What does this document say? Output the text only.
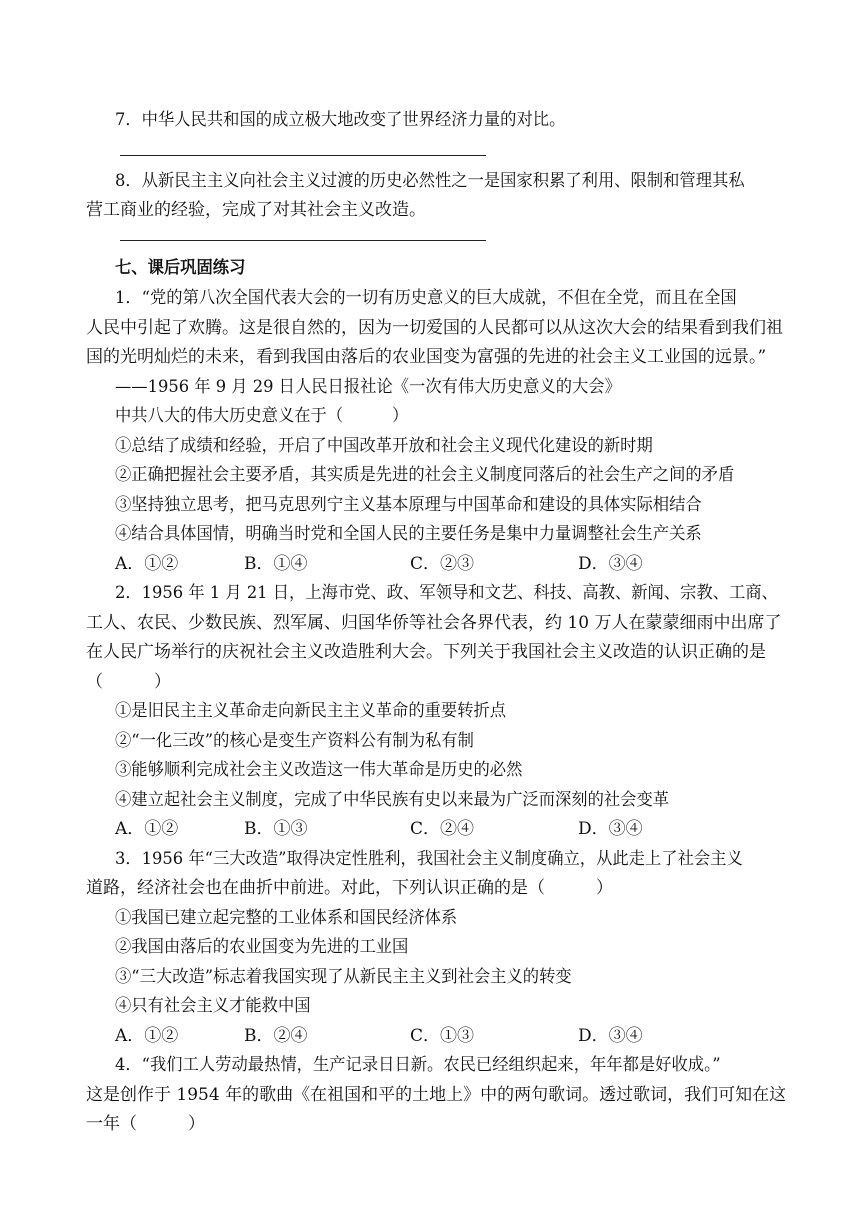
7．中华人民共和国的成立极大地改变了世界经济力量的对比。
8．从新民主主义向社会主义过渡的历史必然性之一是国家积累了利用、限制和管理其私
营工商业的经验，完成了对其社会主义改造。
七、课后巩固练习
1．“党的第八次全国代表大会的一切有历史意义的巨大成就，不但在全党，而且在全国
人民中引起了欢腾。这是很自然的，因为一切爱国的人民都可以从这次大会的结果看到我们祖
国的光明灿烂的未来，看到我国由落后的农业国变为富强的先进的社会主义工业国的远景。”
——1956 年 9 月 29 日人民日报社论《一次有伟大历史意义的大会》
中共八大的伟大历史意义在于（　　　）
①总结了成绩和经验，开启了中国改革开放和社会主义现代化建设的新时期
②正确把握社会主要矛盾，其实质是先进的社会主义制度同落后的社会生产之间的矛盾
③坚持独立思考，把马克思列宁主义基本原理与中国革命和建设的具体实际相结合
④结合具体国情，明确当时党和全国人民的主要任务是集中力量调整社会生产关系
A．①②	B．①④	C．②③	D．③④
2．1956 年 1 月 21 日，上海市党、政、军领导和文艺、科技、高教、新闻、宗教、工商、
工人、农民、少数民族、烈军属、归国华侨等社会各界代表，约 10 万人在蒙蒙细雨中出席了
在人民广场举行的庆祝社会主义改造胜利大会。下列关于我国社会主义改造的认识正确的是
（　　　）
①是旧民主主义革命走向新民主主义革命的重要转折点
②“一化三改”的核心是变生产资料公有制为私有制
③能够顺利完成社会主义改造这一伟大革命是历史的必然
④建立起社会主义制度，完成了中华民族有史以来最为广泛而深刻的社会变革
A．①②	B．①③	C．②④	D．③④
3．1956 年“三大改造”取得决定性胜利，我国社会主义制度确立，从此走上了社会主义
道路，经济社会也在曲折中前进。对此，下列认识正确的是（　　　）
①我国已建立起完整的工业体系和国民经济体系
②我国由落后的农业国变为先进的工业国
③“三大改造”标志着我国实现了从新民主主义到社会主义的转变
④只有社会主义才能救中国
A．①②	B．②④	C．①③	D．③④
4．“我们工人劳动最热情，生产记录日日新。农民已经组织起来，年年都是好收成。”
这是创作于 1954 年的歌曲《在祖国和平的土地上》中的两句歌词。透过歌词，我们可知在这
一年（　　　）
